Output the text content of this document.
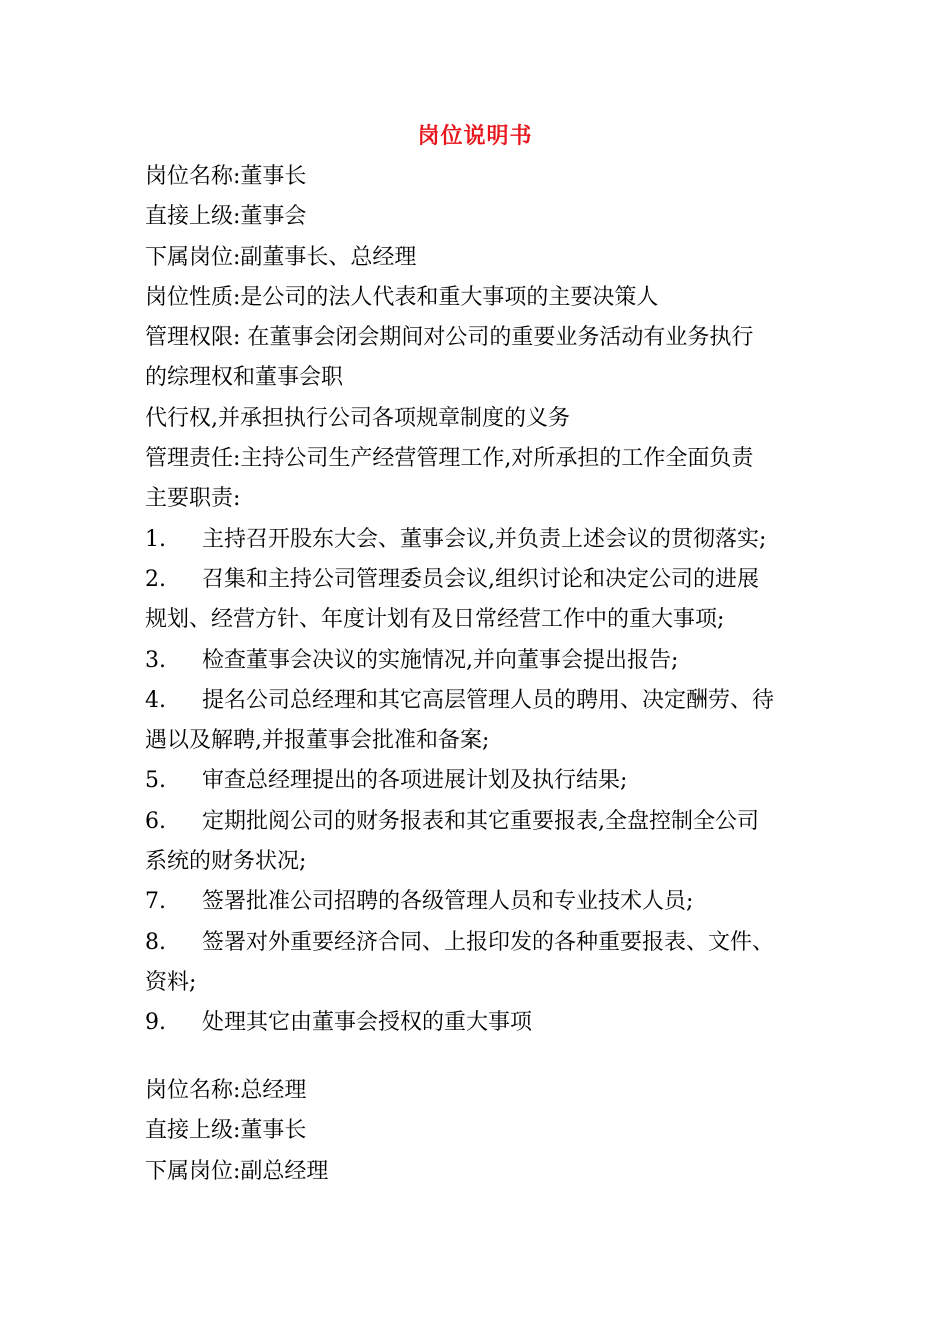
岗位说明书
岗位名称:董事长
直接上级:董事会
下属岗位:副董事长、总经理
岗位性质:是公司的法人代表和重大事项的主要决策人
管理权限: 在董事会闭会期间对公司的重要业务活动有业务执行
的综理权和董事会职
代行权,并承担执行公司各项规章制度的义务
管理责任:主持公司生产经营管理工作,对所承担的工作全面负责
主要职责:
1. 主持召开股东大会、董事会议,并负责上述会议的贯彻落实;
2. 召集和主持公司管理委员会议,组织讨论和决定公司的进展
规划、经营方针、年度计划有及日常经营工作中的重大事项;
3. 检查董事会决议的实施情况,并向董事会提出报告;
4. 提名公司总经理和其它高层管理人员的聘用、决定酬劳、待
遇以及解聘,并报董事会批准和备案;
5. 审查总经理提出的各项进展计划及执行结果;
6. 定期批阅公司的财务报表和其它重要报表,全盘控制全公司
系统的财务状况;
7. 签署批准公司招聘的各级管理人员和专业技术人员;
8. 签署对外重要经济合同、上报印发的各种重要报表、文件、
资料;
9. 处理其它由董事会授权的重大事项
岗位名称:总经理
直接上级:董事长
下属岗位:副总经理
